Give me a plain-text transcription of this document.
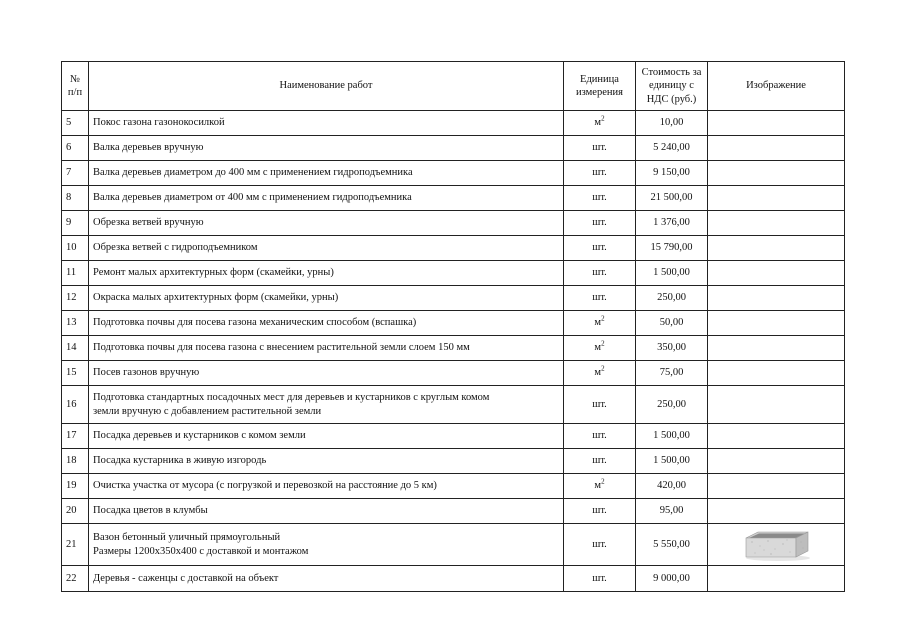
№ п/п	Наименование работ	Единица измерения	Стоимость за единицу с НДС (руб.)	Изображение
5	Покос газона газонокосилкой	$м^2$	10,00	
6	Валка деревьев вручную	шт.	5 240,00	
7	Валка деревьев диаметром до 400 мм с применением гидроподъемника	шт.	9 150,00	
8	Валка деревьев диаметром от 400 мм с применением гидроподъемника	шт.	21 500,00	
9	Обрезка ветвей вручную	шт.	1 376,00	
10	Обрезка ветвей с гидроподъемником	шт.	15 790,00	
11	Ремонт малых архитектурных форм (скамейки, урны)	шт.	1 500,00	
12	Окраска малых архитектурных форм (скамейки, урны)	шт.	250,00	
13	Подготовка почвы для посева газона механическим способом (вспашка)	$м^2$	50,00	
14	Подготовка почвы для посева газона с внесением растительной земли слоем 150 мм	$м^2$	350,00	
15	Посев газонов вручную	$м^2$	75,00	
16	Подготовка стандартных посадочных мест для деревьев и кустарников с круглым комом
земли вручную с добавлением растительной земли	шт.	250,00	
17	Посадка деревьев и кустарников с комом земли	шт.	1 500,00	
18	Посадка кустарника в живую изгородь	шт.	1 500,00	
19	Очистка участка от мусора (с погрузкой и перевозкой на расстояние до 5 км)	$м^2$	420,00	
20	Посадка цветов в клумбы	шт.	95,00	
21	Вазон бетонный уличный прямоугольный
Размеры 1200х350х400 с доставкой и монтажом	шт.	5 550,00	

22	Деревья - саженцы с доставкой на объект	шт.	9 000,00	
